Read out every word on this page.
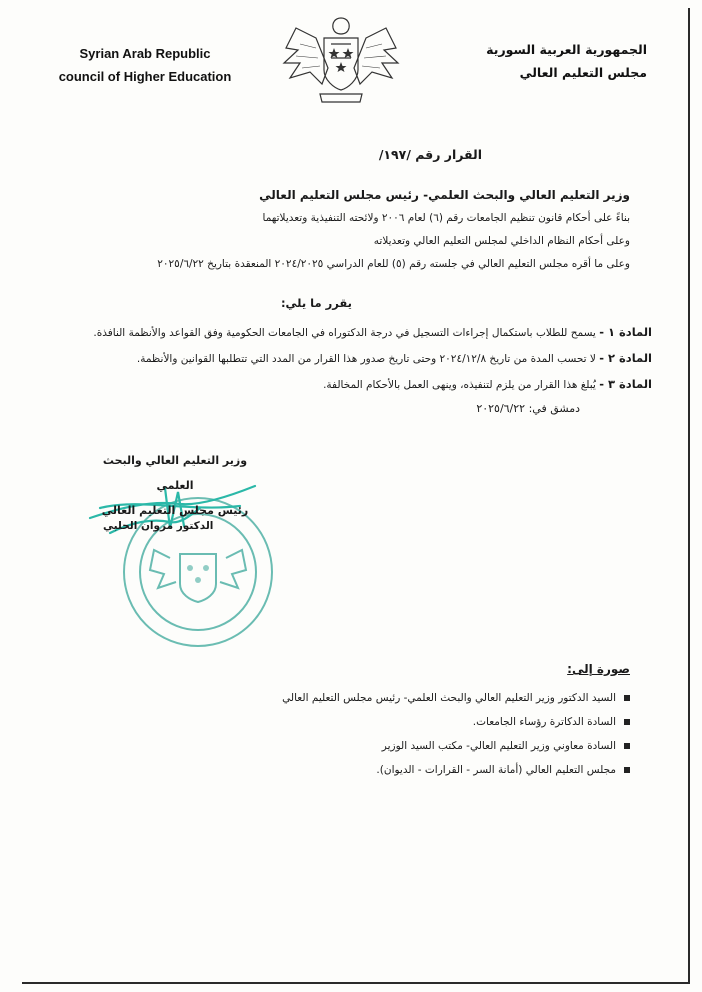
Syrian Arab Republic
council of Higher Education
الجمهورية العربية السورية
مجلس التعليم العالي
القرار رقم /١٩٧/
وزير التعليم العالي والبحث العلمي- رئيس مجلس التعليم العالي
بناءً على أحكام قانون تنظيم الجامعات رقم (٦) لعام ٢٠٠٦ ولائحته التنفيذية وتعديلاتهما
وعلى أحكام النظام الداخلي لمجلس التعليم العالي وتعديلاته
وعلى ما أقره مجلس التعليم العالي في جلسته رقم (٥) للعام الدراسي ٢٠٢٤/٢٠٢٥ المنعقدة بتاريخ ٢٠٢٥/٦/٢٢
يقرر ما يلي:
المادة ١ - يسمح للطلاب باستكمال إجراءات التسجيل في درجة الدكتوراه في الجامعات الحكومية وفق القواعد والأنظمة النافذة.
المادة ٢ - لا تحسب المدة من تاريخ ٢٠٢٤/١٢/٨ وحتى تاريخ صدور هذا القرار من المدد التي تتطلبها القوانين والأنظمة.
المادة ٣ - يُبلغ هذا القرار من يلزم لتنفيذه، وينهى العمل بالأحكام المخالفة.
دمشق في: ٢٠٢٥/٦/٢٢
وزير التعليم العالي والبحث العلمي
رئيس مجلس التعليم العالي
الدكتور مروان الحلبي
صورة إلى:
السيد الدكتور وزير التعليم العالي والبحث العلمي- رئيس مجلس التعليم العالي
السادة الدكاترة رؤساء الجامعات.
السادة معاوني وزير التعليم العالي- مكتب السيد الوزير
مجلس التعليم العالي (أمانة السر - القرارات - الديوان).
